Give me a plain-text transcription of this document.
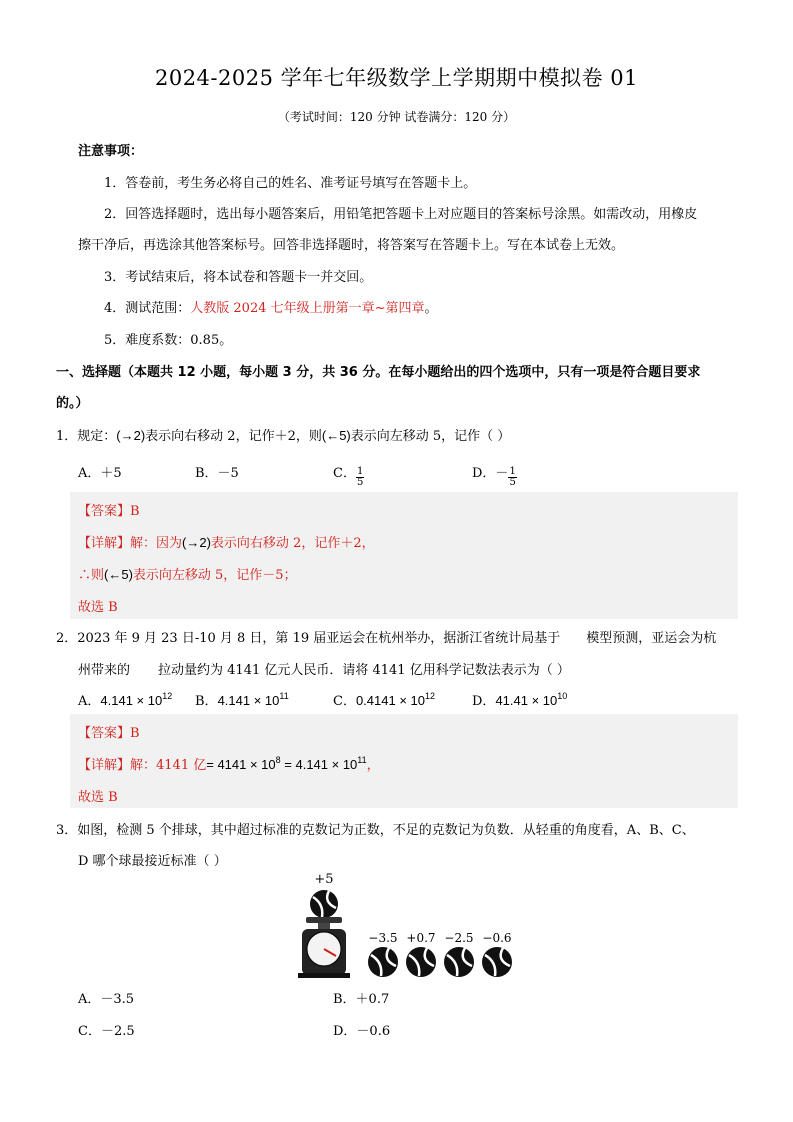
2024-2025 学年七年级数学上学期期中模拟卷 01
（考试时间：120 分钟 试卷满分：120 分）
注意事项：
1．答卷前，考生务必将自己的姓名、准考证号填写在答题卡上。
2．回答选择题时，选出每小题答案后，用铅笔把答题卡上对应题目的答案标号涂黑。如需改动，用橡皮
擦干净后，再选涂其他答案标号。回答非选择题时，将答案写在答题卡上。写在本试卷上无效。
3．考试结束后，将本试卷和答题卡一并交回。
4．测试范围：人教版 2024 七年级上册第一章~第四章。
5．难度系数：0.85。
一、选择题（本题共 12 小题，每小题 3 分，共 36 分。在每小题给出的四个选项中，只有一项是符合题目要求
的。）
1．规定：(→2)表示向右移动 2，记作＋2，则(←5)表示向左移动 5，记作（ ）
A．＋5	B．－5	C． $\frac{1}{5}$	D．－ $\frac{1}{5}$
【答案】B
【详解】解：因为(→2)表示向右移动 2，记作＋2，
∴则(←5)表示向左移动 5，记作－5；
故选 B
2．2023 年 9 月 23 日-10 月 8 日，第 19 届亚运会在杭州举办，据浙江省统计局基于 模型预测，亚运会为杭
州带来的 拉动量约为 4141 亿元人民币．请将 4141 亿用科学记数法表示为（ ）
A．$4.141 \times 10^{12}$ B．$4.141 \times 10^{11}$	C．$0.4141 \times 10^{12}$	D．$41.41 \times 10^{10}$
【答案】B
【详解】解：4141 亿= $4141 \times 10^8 = 4.141 \times 10^{11}$，
故选 B
3．如图，检测 5 个排球，其中超过标准的克数记为正数，不足的克数记为负数．从轻重的角度看，A、B、C、
D 哪个球最接近标准（ ）
+5
−3.5 +0.7 −2.5 −0.6
A．－3.5	B．＋0.7
C．－2.5	D．－0.6
